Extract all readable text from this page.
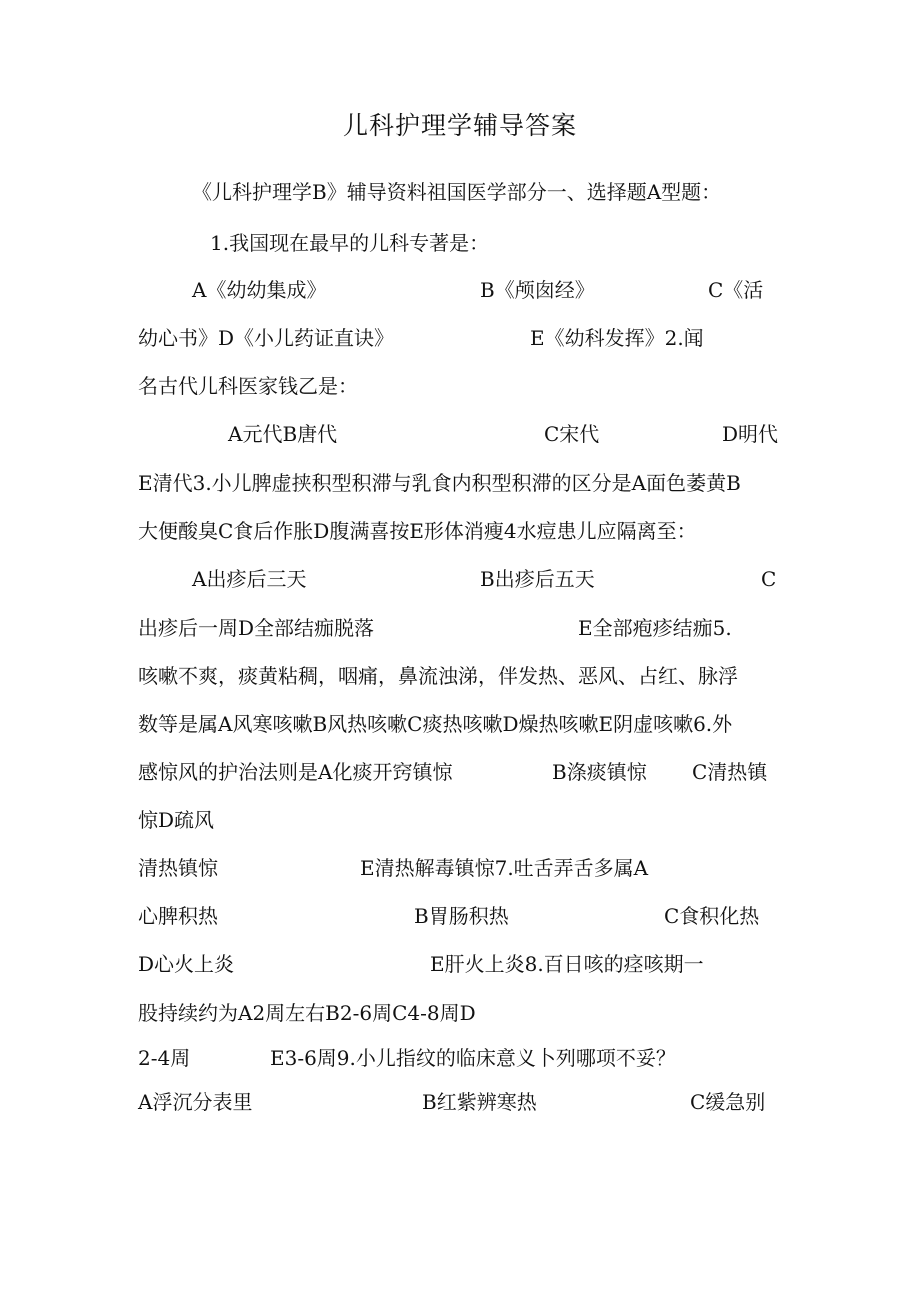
儿科护理学辅导答案
《儿科护理学B》辅导资料祖国医学部分一、选择题A型题：
1.我国现在最早的儿科专著是：
A《幼幼集成》	B《颅囱经》	C《活
幼心书》D《小儿药证直诀》	E《幼科发挥》2.闻
名古代儿科医家钱乙是：
A元代B唐代	C宋代	D明代
E清代3.小儿脾虚挟积型积滞与乳食内积型积滞的区分是A面色萎黄B
大便酸臭C食后作胀D腹满喜按E形体消瘦4水痘患儿应隔离至：
A出疹后三天	B出疹后五天	C
出疹后一周D全部结痂脱落	E全部疱疹结痂5.
咳嗽不爽，痰黄粘稠，咽痛，鼻流浊涕，伴发热、恶风、占红、脉浮
数等是属A风寒咳嗽B风热咳嗽C痰热咳嗽D燥热咳嗽E阴虚咳嗽6.外
感惊风的护治法则是A化痰开窍镇惊	B涤痰镇惊 C清热镇
惊D疏风
清热镇惊	E清热解毒镇惊7.吐舌弄舌多属A
心脾积热	B胃肠积热	C食积化热
D心火上炎	E肝火上炎8.百日咳的痉咳期一
股持续约为A2周左右B2-6周C4-8周D
2-4周	E3-6周9.小儿指纹的临床意义卜列哪项不妥？
A浮沉分表里	B红紫辨寒热	C缓急别
